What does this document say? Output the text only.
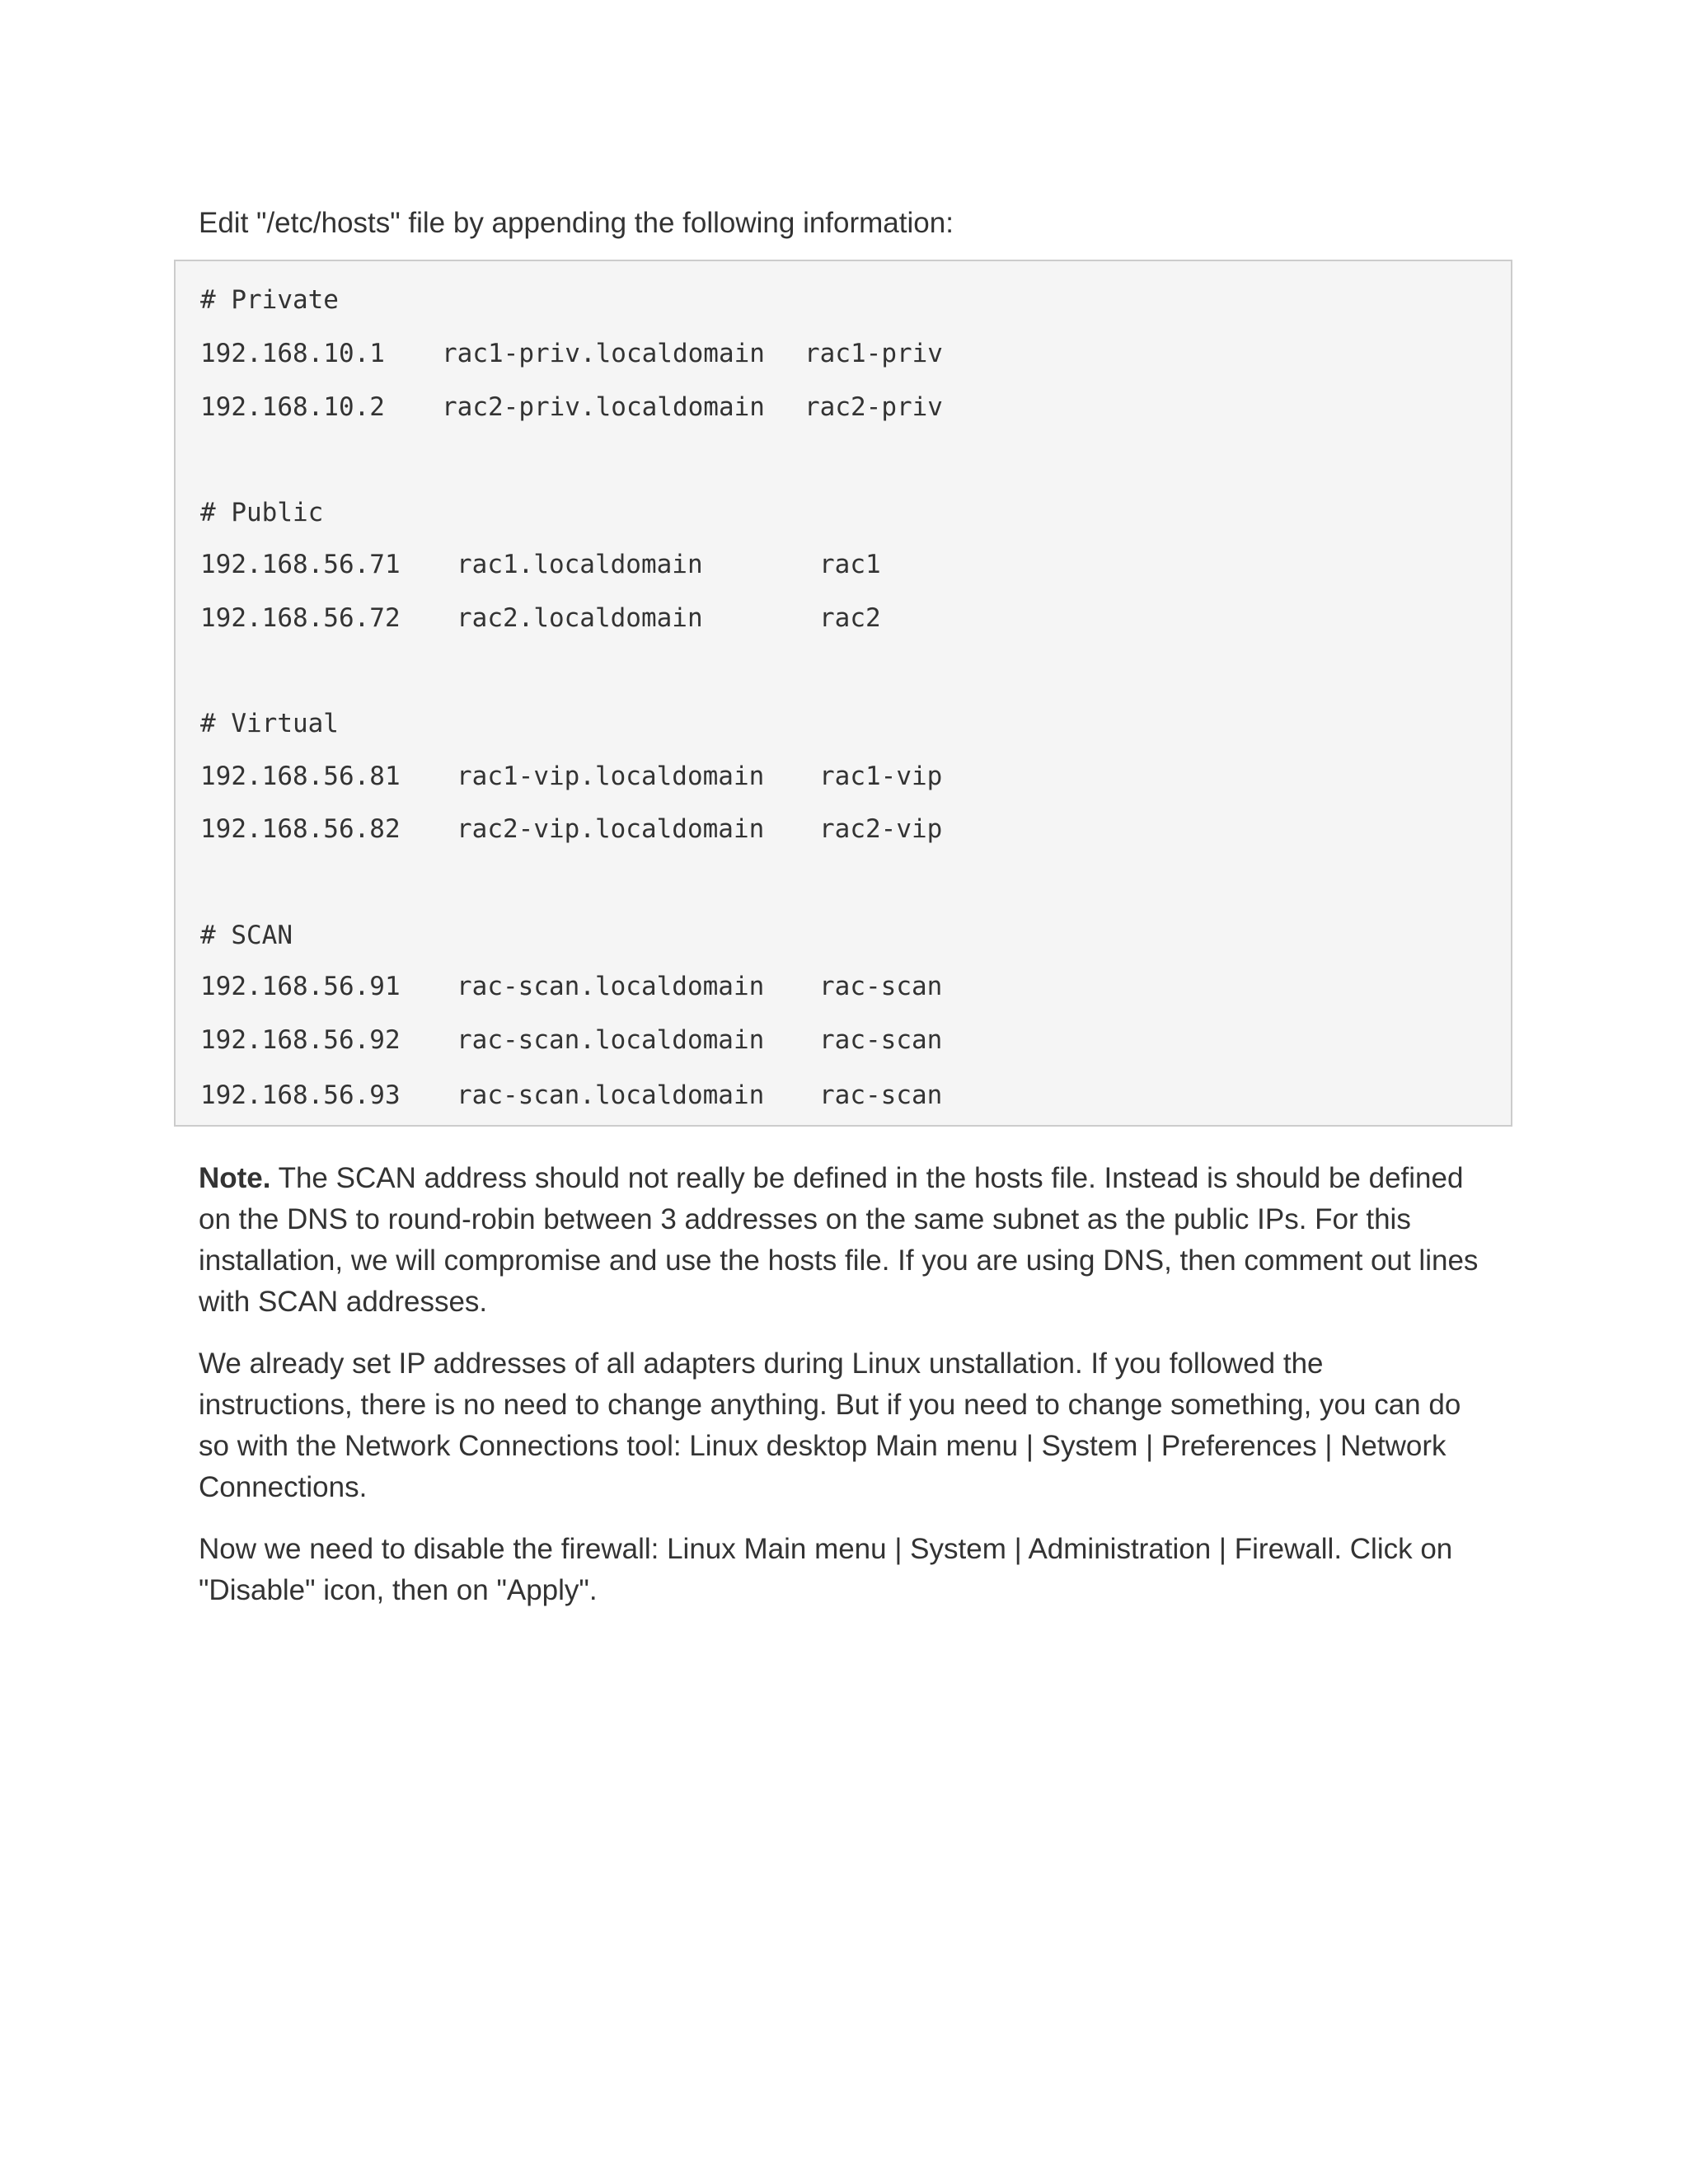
Edit "/etc/hosts" file by appending the following information:

# Private

192.168.10.1

rac1-priv.localdomain

rac1-priv

192.168.10.2

rac2-priv.localdomain

rac2-priv

# Public

192.168.56.71

rac1.localdomain

	rac1

192.168.56.72

rac2.localdomain

	rac2

# Virtual

192.168.56.81

rac1-vip.localdomain

rac1-vip

192.168.56.82

rac2-vip.localdomain

rac2-vip

# SCAN

192.168.56.91

rac-scan.localdomain

rac-scan

192.168.56.92

rac-scan.localdomain

rac-scan

192.168.56.93

rac-scan.localdomain

rac-scan

Note. The SCAN address should not really be defined in the hosts file. Instead is should be defined on the DNS to round-robin between 3 addresses on the same subnet as the public IPs. For this installation, we will compromise and use the hosts file. If you are using DNS, then comment out lines with SCAN addresses.

We already set IP addresses of all adapters during Linux unstallation. If you followed the instructions, there is no need to change anything. But if you need to change something, you can do so with the Network Connections tool: Linux desktop Main menu | System | Preferences | Network Connections.

Now we need to disable the firewall: Linux Main menu | System | Administration | Firewall. Click on "Disable" icon, then on "Apply".
